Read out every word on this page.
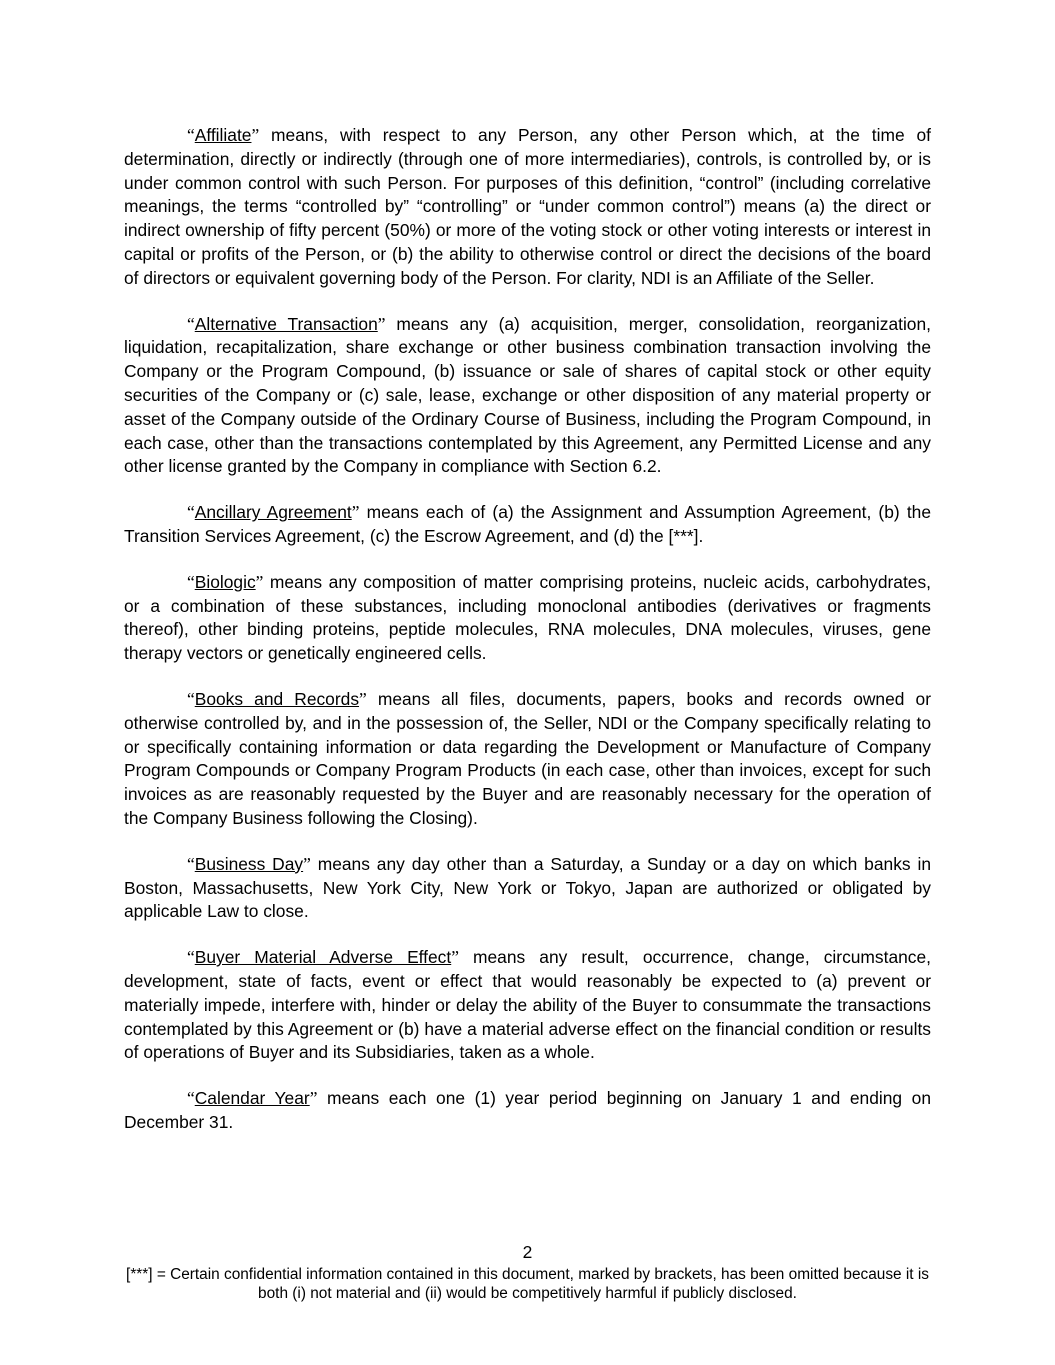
“Affiliate” means, with respect to any Person, any other Person which, at the time of determination, directly or indirectly (through one of more intermediaries), controls, is controlled by, or is under common control with such Person. For purposes of this definition, “control” (including correlative meanings, the terms “controlled by” “controlling” or “under common control”) means (a) the direct or indirect ownership of fifty percent (50%) or more of the voting stock or other voting interests or interest in capital or profits of the Person, or (b) the ability to otherwise control or direct the decisions of the board of directors or equivalent governing body of the Person. For clarity, NDI is an Affiliate of the Seller.

“Alternative Transaction” means any (a) acquisition, merger, consolidation, reorganization, liquidation, recapitalization, share exchange or other business combination transaction involving the Company or the Program Compound, (b) issuance or sale of shares of capital stock or other equity securities of the Company or (c) sale, lease, exchange or other disposition of any material property or asset of the Company outside of the Ordinary Course of Business, including the Program Compound, in each case, other than the transactions contemplated by this Agreement, any Permitted License and any other license granted by the Company in compliance with Section 6.2.

“Ancillary Agreement” means each of (a) the Assignment and Assumption Agreement, (b) the Transition Services Agreement, (c) the Escrow Agreement, and (d) the [***].

“Biologic” means any composition of matter comprising proteins, nucleic acids, carbohydrates, or a combination of these substances, including monoclonal antibodies (derivatives or fragments thereof), other binding proteins, peptide molecules, RNA molecules, DNA molecules, viruses, gene therapy vectors or genetically engineered cells.

“Books and Records” means all files, documents, papers, books and records owned or otherwise controlled by, and in the possession of, the Seller, NDI or the Company specifically relating to or specifically containing information or data regarding the Development or Manufacture of Company Program Compounds or Company Program Products (in each case, other than invoices, except for such invoices as are reasonably requested by the Buyer and are reasonably necessary for the operation of the Company Business following the Closing).

“Business Day” means any day other than a Saturday, a Sunday or a day on which banks in Boston, Massachusetts, New York City, New York or Tokyo, Japan are authorized or obligated by applicable Law to close.

“Buyer Material Adverse Effect” means any result, occurrence, change, circumstance, development, state of facts, event or effect that would reasonably be expected to (a) prevent or materially impede, interfere with, hinder or delay the ability of the Buyer to consummate the transactions contemplated by this Agreement or (b) have a material adverse effect on the financial condition or results of operations of Buyer and its Subsidiaries, taken as a whole.

“Calendar Year” means each one (1) year period beginning on January 1 and ending on December 31.

2
[***] = Certain confidential information contained in this document, marked by brackets, has been omitted because it is both (i) not material and (ii) would be competitively harmful if publicly disclosed.
